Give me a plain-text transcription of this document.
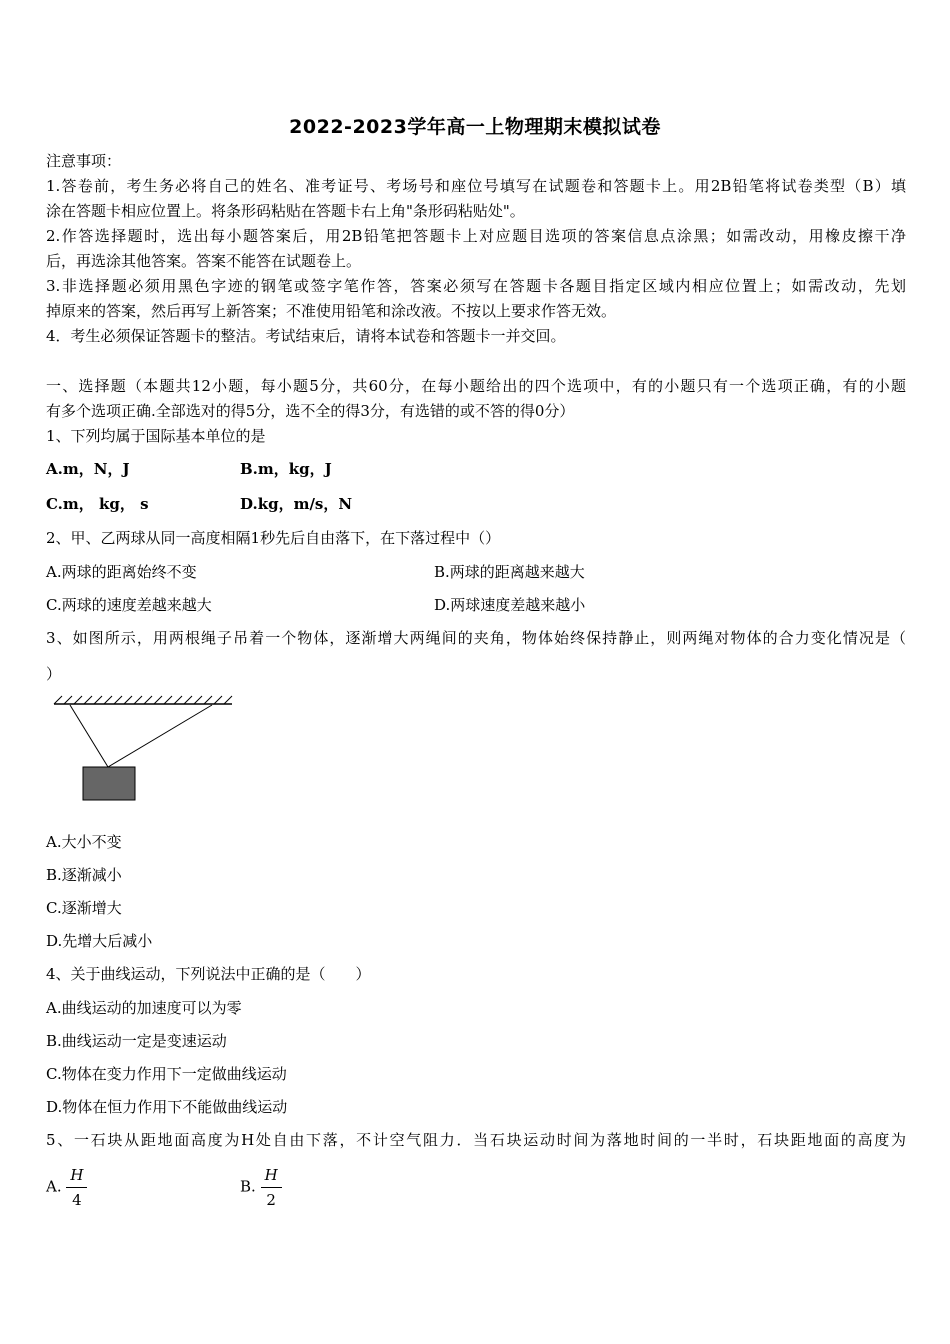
2022-2023学年高一上物理期末模拟试卷
注意事项：
1.答卷前，考生务必将自己的姓名、准考证号、考场号和座位号填写在试题卷和答题卡上。用2B铅笔将试卷类型（B）填
涂在答题卡相应位置上。将条形码粘贴在答题卡右上角"条形码粘贴处"。
2.作答选择题时，选出每小题答案后，用2B铅笔把答题卡上对应题目选项的答案信息点涂黑；如需改动，用橡皮擦干净
后，再选涂其他答案。答案不能答在试题卷上。
3.非选择题必须用黑色字迹的钢笔或签字笔作答，答案必须写在答题卡各题目指定区域内相应位置上；如需改动，先划
掉原来的答案，然后再写上新答案；不准使用铅笔和涂改液。不按以上要求作答无效。
4．考生必须保证答题卡的整洁。考试结束后，请将本试卷和答题卡一并交回。
一、选择题（本题共12小题，每小题5分，共60分，在每小题给出的四个选项中，有的小题只有一个选项正确，有的小题
有多个选项正确.全部选对的得5分，选不全的得3分，有选错的或不答的得0分）
1、下列均属于国际基本单位的是
A.m，N，J	B.m，kg，J
C.m， kg， s	D.kg，m/s，N
2、甲、乙两球从同一高度相隔1秒先后自由落下，在下落过程中（）
A.两球的距离始终不变	B.两球的距离越来越大
C.两球的速度差越来越大	D.两球速度差越来越小
3、如图所示，用两根绳子吊着一个物体，逐渐增大两绳间的夹角，物体始终保持静止，则两绳对物体的合力变化情况是（
）
A.大小不变
B.逐渐减小
C.逐渐增大
D.先增大后减小
4、关于曲线运动，下列说法中正确的是（　　）
A.曲线运动的加速度可以为零
B.曲线运动一定是变速运动
C.物体在变力作用下一定做曲线运动
D.物体在恒力作用下不能做曲线运动
5、一石块从距地面高度为H处自由下落，不计空气阻力．当石块运动时间为落地时间的一半时，石块距地面的高度为
A. $\frac{H}{4}$	B. $\frac{H}{2}$
